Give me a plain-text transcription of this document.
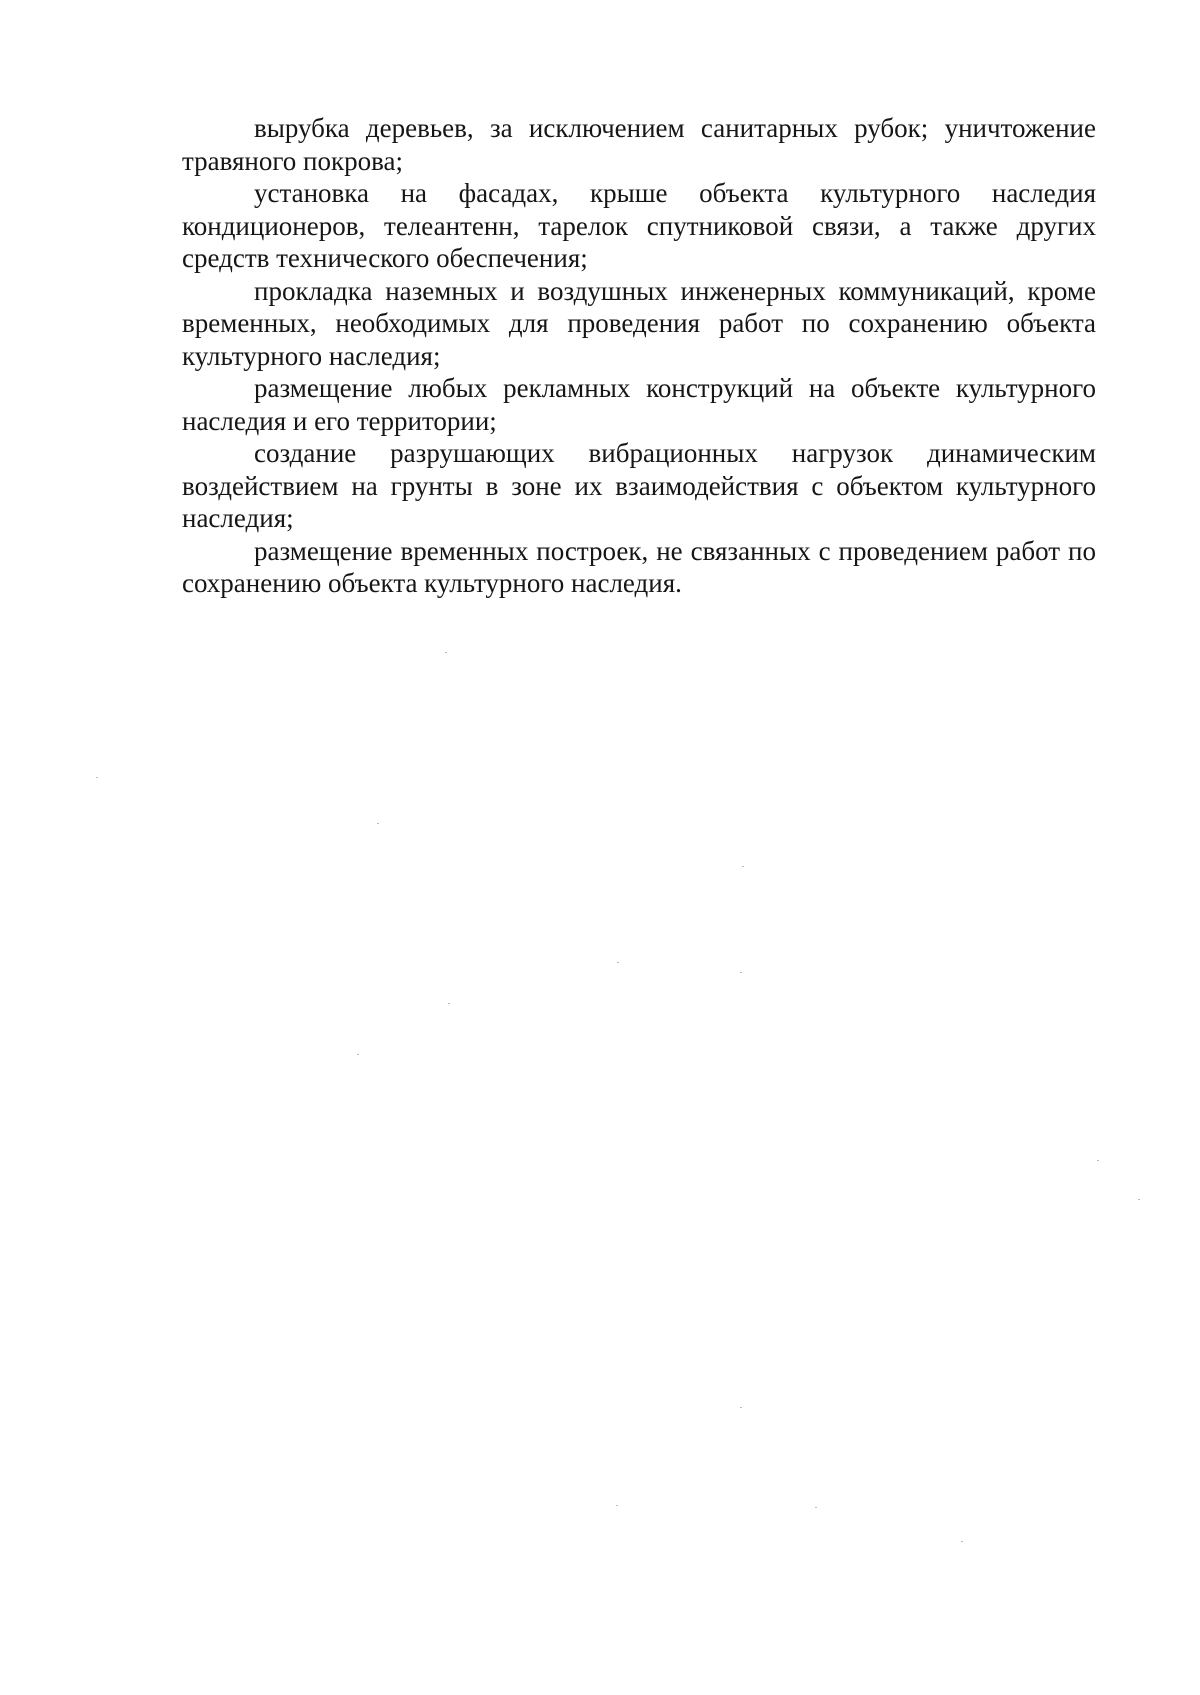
вырубка деревьев, за исключением санитарных рубок; уничтожение травяного покрова;

установка на фасадах, крыше объекта культурного наследия кондиционеров, телеантенн, тарелок спутниковой связи, а также других средств технического обеспечения;

прокладка наземных и воздушных инженерных коммуникаций, кроме временных, необходимых для проведения работ по сохранению объекта культурного наследия;

размещение любых рекламных конструкций на объекте культурного наследия и его территории;

создание разрушающих вибрационных нагрузок динамическим воздействием на грунты в зоне их взаимодействия с объектом культурного наследия;

размещение временных построек, не связанных с проведением работ по сохранению объекта культурного наследия.
